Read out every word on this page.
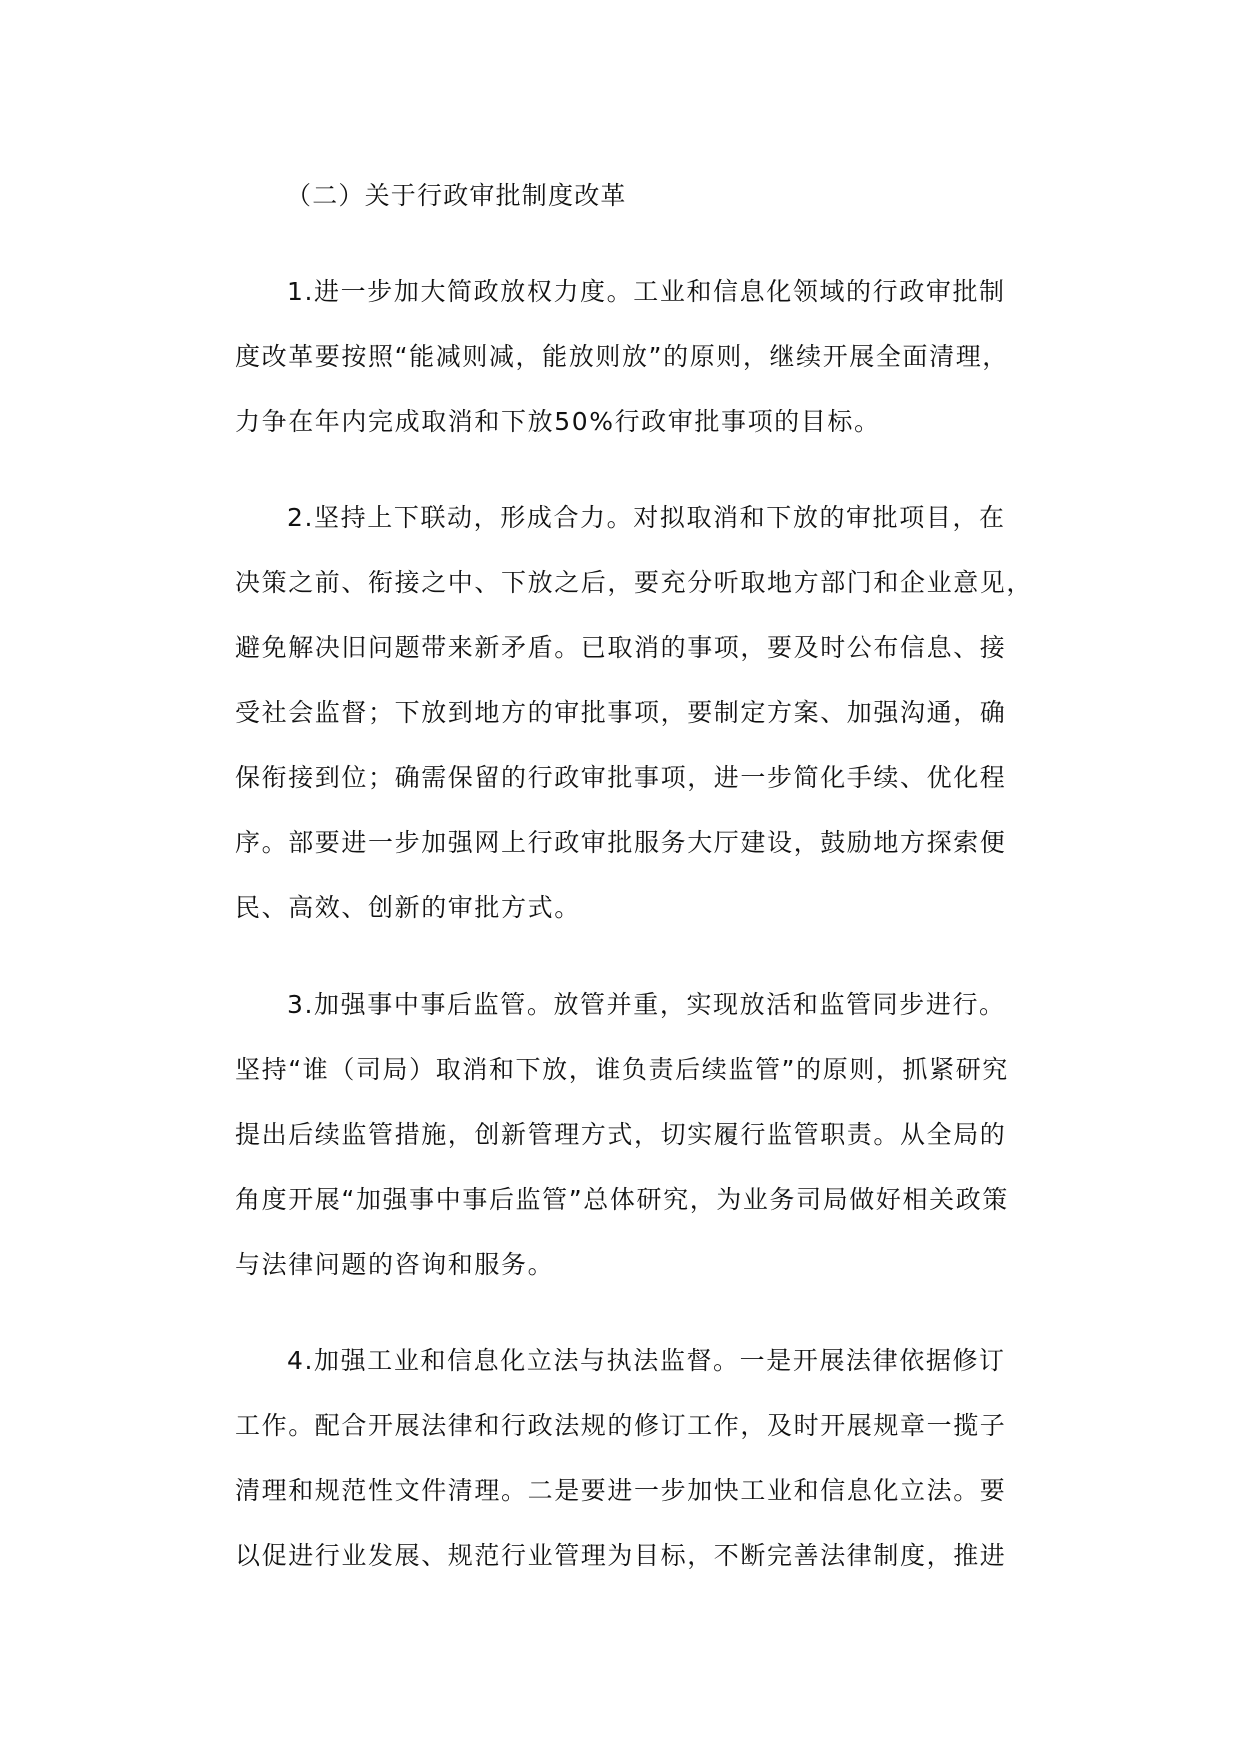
（二）关于行政审批制度改革
1.进一步加大简政放权力度。工业和信息化领域的行政审批制
度改革要按照“能减则减，能放则放”的原则，继续开展全面清理，
力争在年内完成取消和下放50%行政审批事项的目标。
2.坚持上下联动，形成合力。对拟取消和下放的审批项目，在
决策之前、衔接之中、下放之后，要充分听取地方部门和企业意见，
避免解决旧问题带来新矛盾。已取消的事项，要及时公布信息、接
受社会监督；下放到地方的审批事项，要制定方案、加强沟通，确
保衔接到位；确需保留的行政审批事项，进一步简化手续、优化程
序。部要进一步加强网上行政审批服务大厅建设，鼓励地方探索便
民、高效、创新的审批方式。
3.加强事中事后监管。放管并重，实现放活和监管同步进行。
坚持“谁（司局）取消和下放，谁负责后续监管”的原则，抓紧研究
提出后续监管措施，创新管理方式，切实履行监管职责。从全局的
角度开展“加强事中事后监管”总体研究，为业务司局做好相关政策
与法律问题的咨询和服务。
4.加强工业和信息化立法与执法监督。一是开展法律依据修订
工作。配合开展法律和行政法规的修订工作，及时开展规章一揽子
清理和规范性文件清理。二是要进一步加快工业和信息化立法。要
以促进行业发展、规范行业管理为目标，不断完善法律制度，推进
